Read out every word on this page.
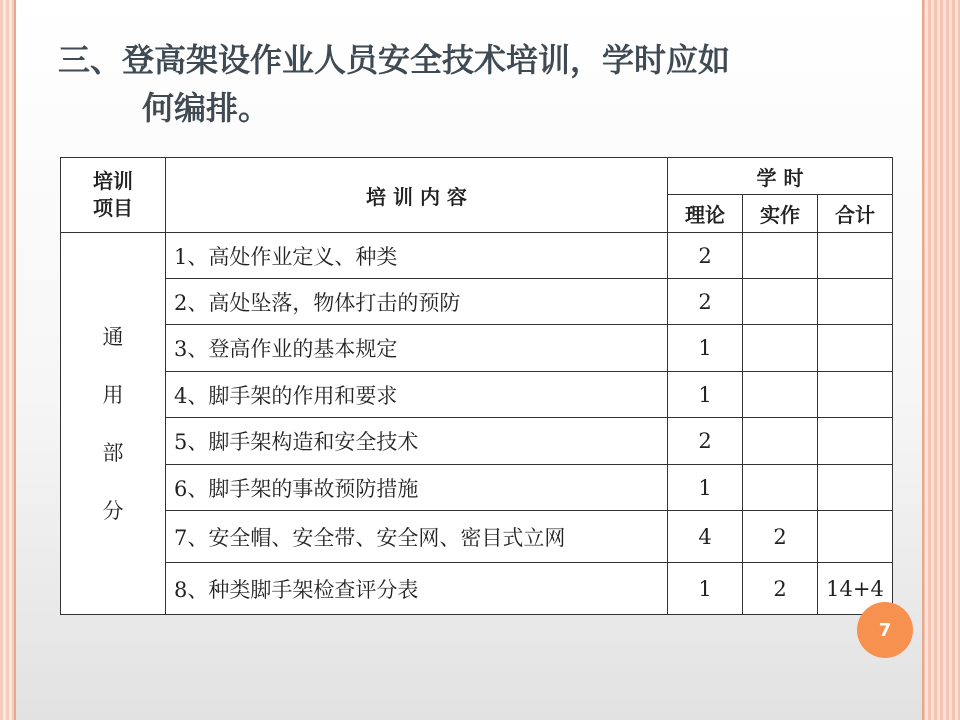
三、登高架设作业人员安全技术培训，学时应如
何编排。
培训
项目	培 训 内 容	学 时		
		理论	实作	合计

通
用
部
分	1、高处作业定义、种类	2		
	2、高处坠落，物体打击的预防	2		
	3、登高作业的基本规定	1		
	4、脚手架的作用和要求	1		
	5、脚手架构造和安全技术	2		
	6、脚手架的事故预防措施	1		
	7、安全帽、安全带、安全网、密目式立网	4	2	
	8、种类脚手架检查评分表	1	2	14+4
7
